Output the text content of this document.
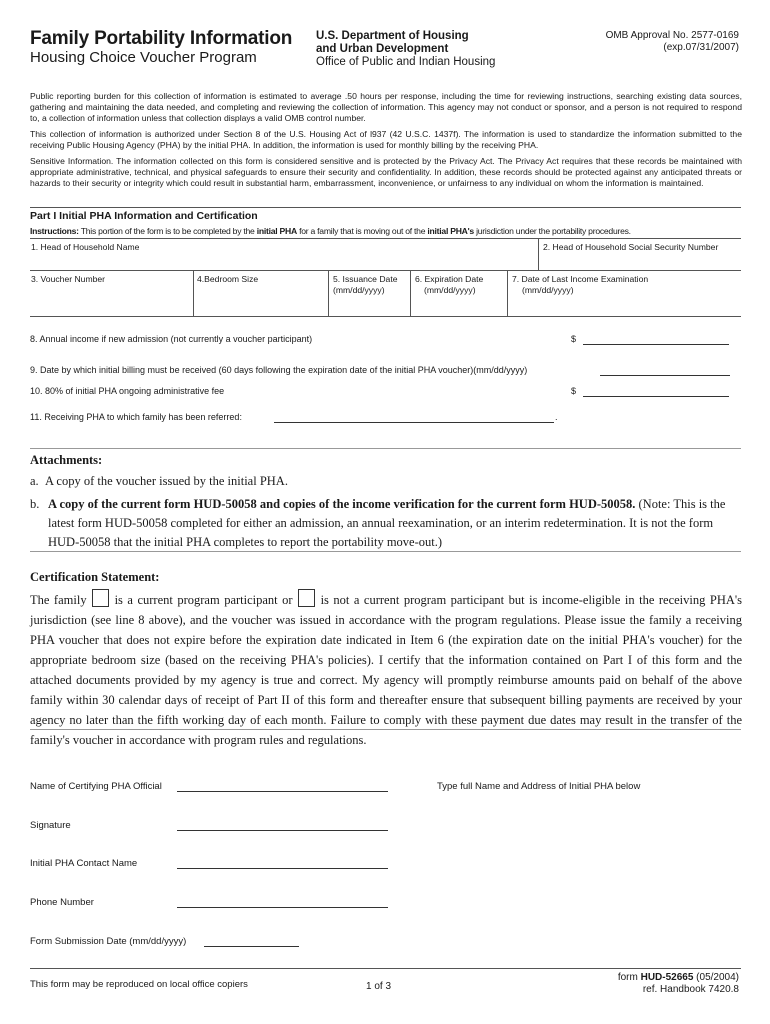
Family Portability Information
Housing Choice Voucher Program
U.S. Department of Housing
and Urban Development
Office of Public and Indian Housing
OMB Approval No. 2577-0169
(exp.07/31/2007)
Public reporting burden for this collection of information is estimated to average .50 hours per response, including the time for reviewing instructions, searching existing data sources, gathering and maintaining the data needed, and completing and reviewing the collection of information. This agency may not conduct or sponsor, and a person is not required to respond to, a collection of information unless that collection displays a valid OMB control number.
This collection of information is authorized under Section 8 of the U.S. Housing Act of l937 (42 U.S.C. 1437f). The information is used to standardize the information submitted to the receiving Public Housing Agency (PHA) by the initial PHA. In addition, the information is used for monthly billing by the receiving PHA.
Sensitive Information. The information collected on this form is considered sensitive and is protected by the Privacy Act. The Privacy Act requires that these records be maintained with appropriate administrative, technical, and physical safeguards to ensure their security and confidentiality. In addition, these records should be protected against any anticipated threats or hazards to their security or integrity which could result in substantial harm, embarrassment, inconvenience, or unfairness to any individual on whom the information is maintained.
Part I Initial PHA Information and Certification
Instructions: This portion of the form is to be completed by the initial PHA for a family that is moving out of the initial PHA's jurisdiction under the portability procedures.
1. Head of Household Name	2. Head of Household Social Security Number
3. Voucher Number	4.Bedroom Size	5. Issuance Date
(mm/dd/yyyy)
6. Expiration Date
(mm/dd/yyyy)
7. Date of Last Income Examination
(mm/dd/yyyy)
8. Annual income if new admission (not currently a voucher participant)	$
9. Date by which initial billing must be received (60 days following the expiration date of the initial PHA voucher)(mm/dd/yyyy)
10. 80% of initial PHA ongoing administrative fee	$
11. Receiving PHA to which family has been referred:	.
Attachments:
a. A copy of the voucher issued by the initial PHA.
b. A copy of the current form HUD-50058 and copies of the income verification for the current form HUD-50058. (Note: This is the latest form HUD-50058 completed for either an admission, an annual reexamination, or an interim redetermination. It is not the form HUD-50058 that the initial PHA completes to report the portability move-out.)
Certification Statement:
The family  is a current program participant or  is not a current program participant but is income-eligible in the receiving PHA's jurisdiction (see line 8 above), and the voucher was issued in accordance with the program regulations. Please issue the family a receiving PHA voucher that does not expire before the expiration date indicated in Item 6 (the expiration date on the initial PHA's voucher) for the appropriate bedroom size (based on the receiving PHA's policies). I certify that the information contained on Part I of this form and the attached documents provided by my agency is true and correct. My agency will promptly reimburse amounts paid on behalf of the above family within 30 calendar days of receipt of Part II of this form and thereafter ensure that subsequent billing payments are received by your agency no later than the fifth working day of each month. Failure to comply with these payment due dates may result in the transfer of the family's voucher in accordance with program rules and regulations.
Name of Certifying PHA Official	Type full Name and Address of Initial PHA below
Signature
Initial PHA Contact Name
Phone Number
Form Submission Date (mm/dd/yyyy)
This form may be reproduced on local office copiers	1 of 3
form HUD-52665 (05/2004)
ref. Handbook 7420.8
